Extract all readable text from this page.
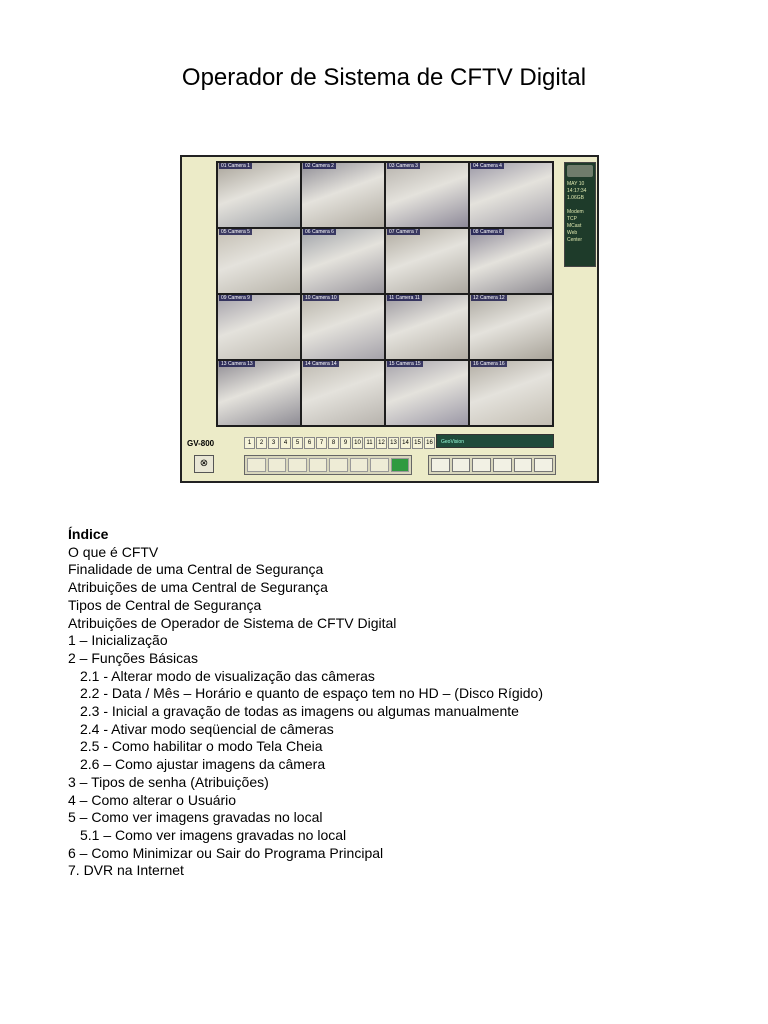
Operador de Sistema de CFTV Digital
01 Camera 1	02 Camera 2	03 Camera 3	04 Camera 4
05 Camera 5	06 Camera 6	07 Camera 7	08 Camera 8
09 Camera 9	10 Camera 10	11 Camera 11	12 Camera 12
13 Camera 13	14 Camera 14	15 Camera 15	16 Camera 16
MAY 10
14:17:34
1.06GB

Modem
TCP
MCast
Web
Center
GV-800	1	2	3	4	5	6	7	8	9	10 11 12 13 14 15 16	GeoVision
⊗
Índice
O que é CFTV
Finalidade de uma Central de Segurança
Atribuições de uma Central de Segurança
Tipos de Central de Segurança
Atribuições de Operador de Sistema de CFTV Digital
1 – Inicialização
2 – Funções Básicas
2.1 - Alterar modo de visualização das câmeras
2.2 - Data / Mês – Horário e quanto de espaço tem no HD – (Disco Rígido)
2.3 - Inicial a gravação de todas as imagens ou algumas manualmente
2.4 - Ativar modo seqüencial de câmeras
2.5 - Como habilitar o modo Tela Cheia
2.6 – Como ajustar imagens da câmera
3 – Tipos de senha (Atribuições)
4 – Como alterar o Usuário
5 – Como ver imagens gravadas no local
5.1 – Como ver imagens gravadas no local
6 – Como Minimizar ou Sair do Programa Principal
7. DVR na Internet
